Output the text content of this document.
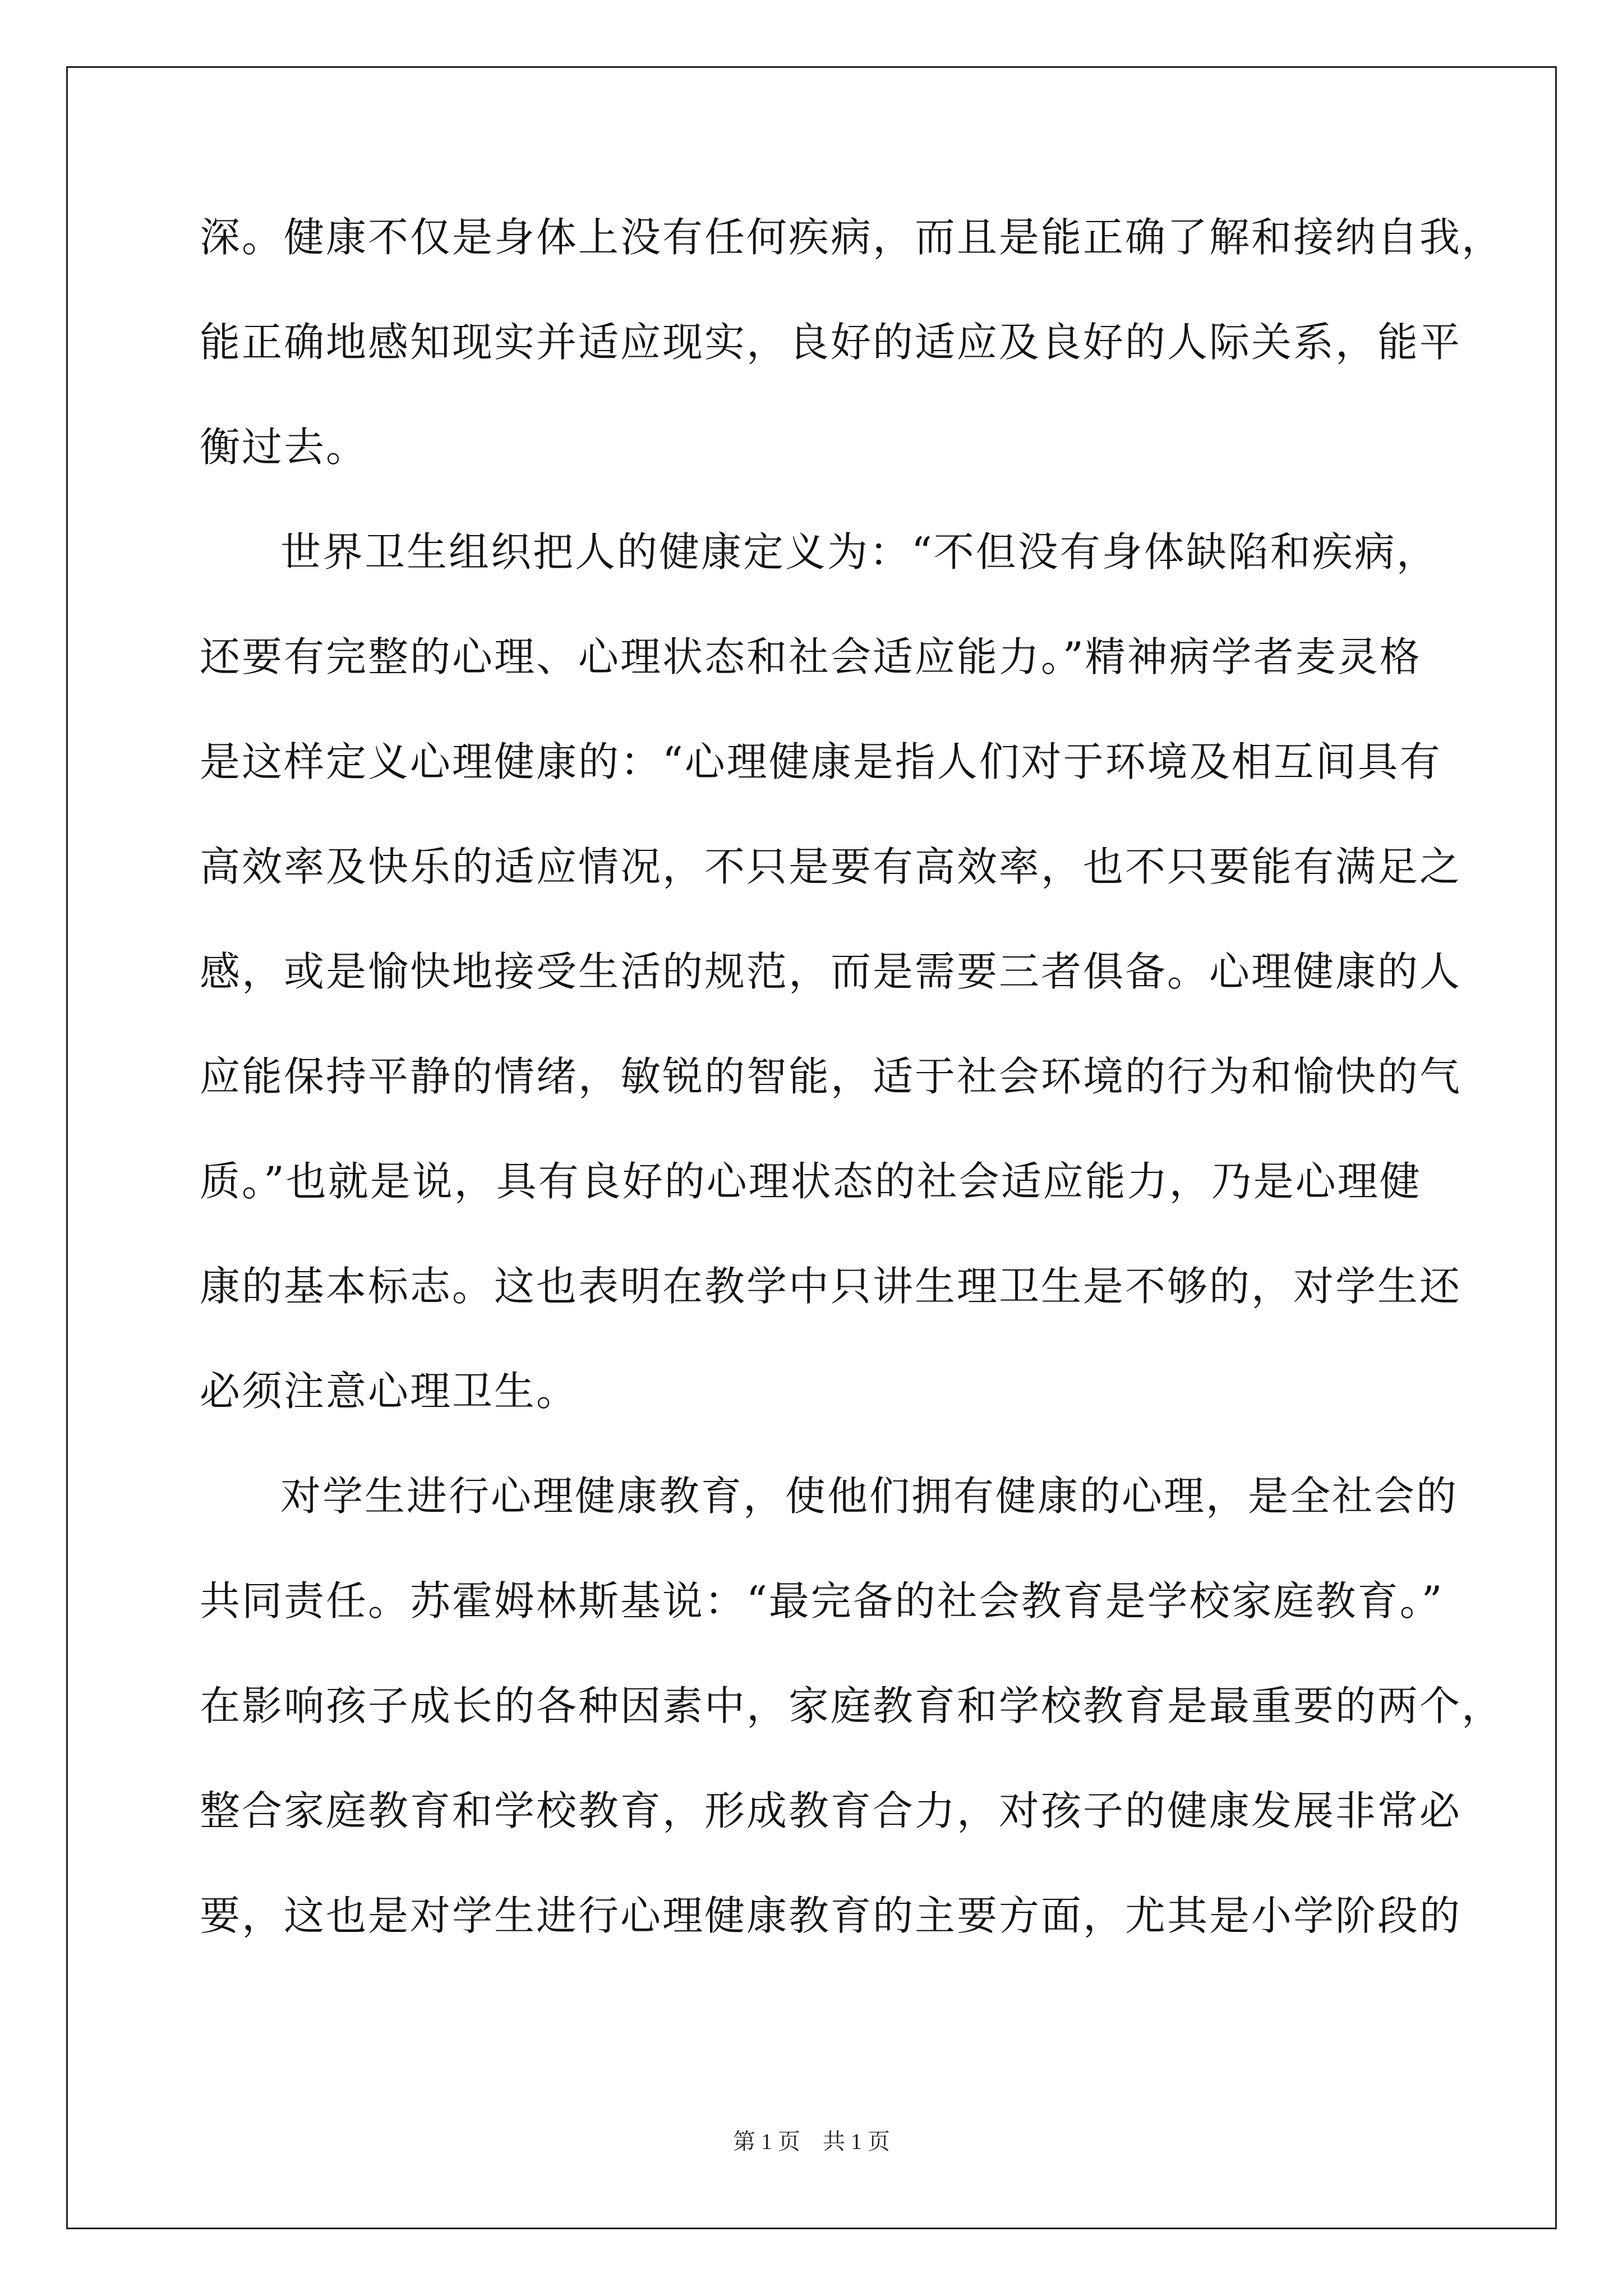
深。健康不仅是身体上没有任何疾病，而且是能正确了解和接纳自我，
能正确地感知现实并适应现实，良好的适应及良好的人际关系，能平
衡过去。
世界卫生组织把人的健康定义为：“不但没有身体缺陷和疾病，
还要有完整的心理、心理状态和社会适应能力。”精神病学者麦灵格
是这样定义心理健康的：“心理健康是指人们对于环境及相互间具有
高效率及快乐的适应情况，不只是要有高效率，也不只要能有满足之
感，或是愉快地接受生活的规范，而是需要三者俱备。心理健康的人
应能保持平静的情绪，敏锐的智能，适于社会环境的行为和愉快的气
质。”也就是说，具有良好的心理状态的社会适应能力，乃是心理健
康的基本标志。这也表明在教学中只讲生理卫生是不够的，对学生还
必须注意心理卫生。
对学生进行心理健康教育，使他们拥有健康的心理，是全社会的
共同责任。苏霍姆林斯基说：“最完备的社会教育是学校家庭教育。”
在影响孩子成长的各种因素中，家庭教育和学校教育是最重要的两个，
整合家庭教育和学校教育，形成教育合力，对孩子的健康发展非常必
要，这也是对学生进行心理健康教育的主要方面，尤其是小学阶段的
第 1 页    共 1 页
